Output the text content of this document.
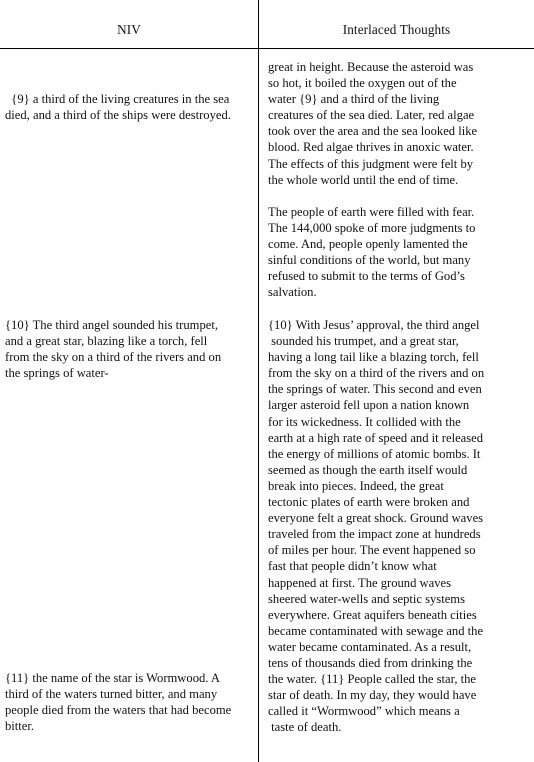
NIV	Interlaced Thoughts
{9} a third of the living creatures in the sea
died, and a third of the ships were destroyed.
{10} The third angel sounded his trumpet,
and a great star, blazing like a torch, fell
from the sky on a third of the rivers and on
the springs of water-
{11} the name of the star is Wormwood. A
third of the waters turned bitter, and many
people died from the waters that had become
bitter.
great in height. Because the asteroid was
so hot, it boiled the oxygen out of the
water {9} and a third of the living
creatures of the sea died. Later, red algae
took over the area and the sea looked like
blood. Red algae thrives in anoxic water.
The effects of this judgment were felt by
the whole world until the end of time.
The people of earth were filled with fear.
The 144,000 spoke of more judgments to
come. And, people openly lamented the
sinful conditions of the world, but many
refused to submit to the terms of God’s
salvation.
{10} With Jesus’ approval, the third angel
sounded his trumpet, and a great star,
having a long tail like a blazing torch, fell
from the sky on a third of the rivers and on
the springs of water. This second and even
larger asteroid fell upon a nation known
for its wickedness. It collided with the
earth at a high rate of speed and it released
the energy of millions of atomic bombs. It
seemed as though the earth itself would
break into pieces. Indeed, the great
tectonic plates of earth were broken and
everyone felt a great shock. Ground waves
traveled from the impact zone at hundreds
of miles per hour. The event happened so
fast that people didn’t know what
happened at first. The ground waves
sheered water-wells and septic systems
everywhere. Great aquifers beneath cities
became contaminated with sewage and the
water became contaminated. As a result,
tens of thousands died from drinking the
the water. {11} People called the star, the
star of death. In my day, they would have
called it “Wormwood” which means a
taste of death.
